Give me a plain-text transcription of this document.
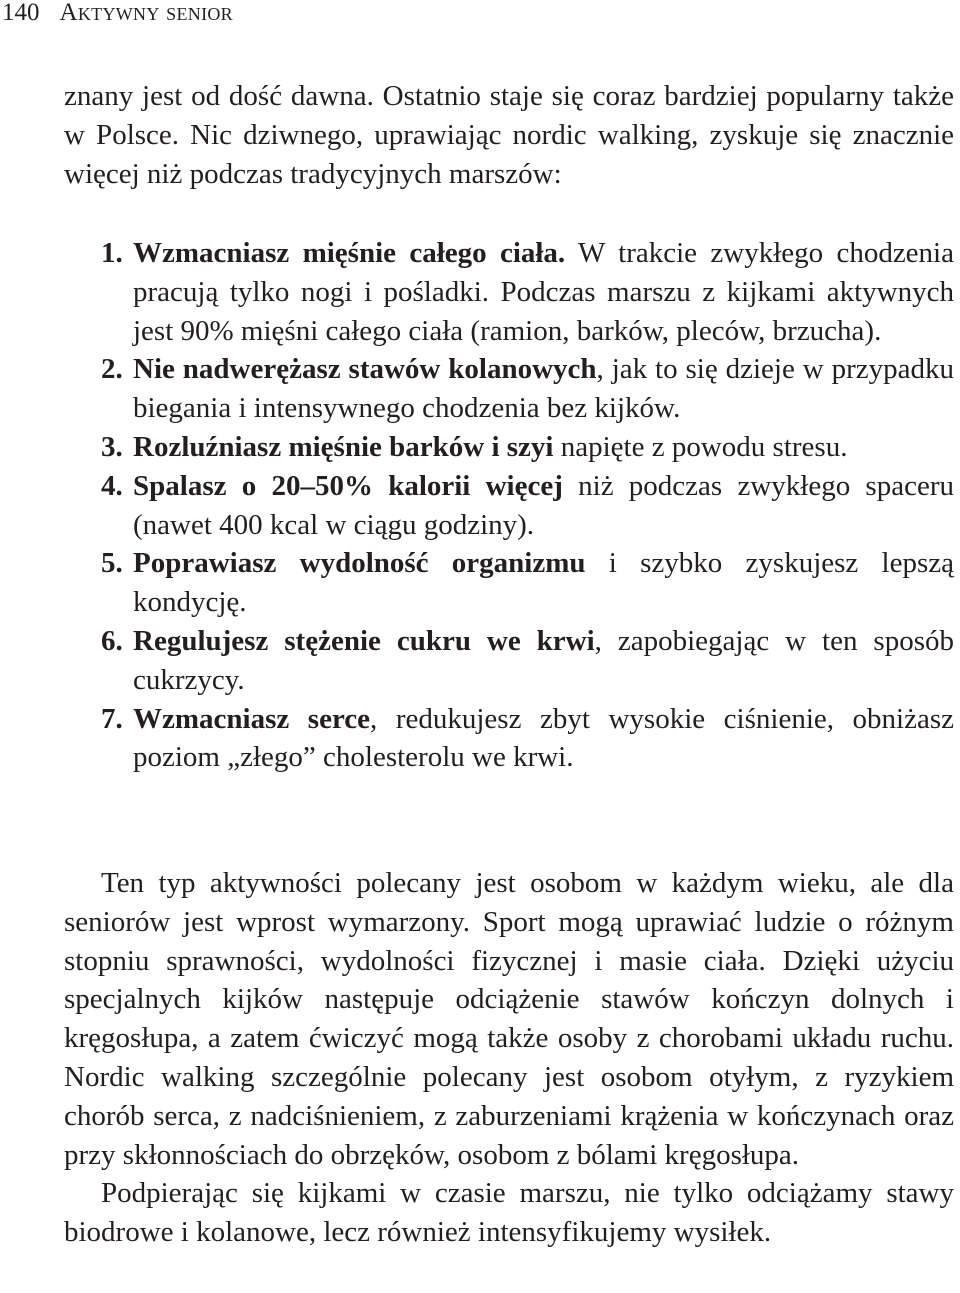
140 Aktywny senior

znany jest od dość dawna. Ostatnio staje się coraz bardziej popularny także w Polsce. Nic dziwnego, uprawiając nordic walking, zyskuje się znacznie więcej niż podczas tradycyjnych marszów:

1. Wzmacniasz mięśnie całego ciała. W trakcie zwykłego chodzenia pracują tylko nogi i pośladki. Podczas marszu z kijkami aktywnych jest 90% mięśni całego ciała (ramion, barków, pleców, brzucha).
2. Nie nadwerężasz stawów kolanowych, jak to się dzieje w przypadku biegania i intensywnego chodzenia bez kijków.
3. Rozluźniasz mięśnie barków i szyi napięte z powodu stresu.
4. Spalasz o 20–50% kalorii więcej niż podczas zwykłego spaceru (nawet 400 kcal w ciągu godziny).
5. Poprawiasz wydolność organizmu i szybko zyskujesz lepszą kondycję.
6. Regulujesz stężenie cukru we krwi, zapobiegając w ten sposób cukrzycy.
7. Wzmacniasz serce, redukujesz zbyt wysokie ciśnienie, obniżasz poziom „złego” cholesterolu we krwi.

Ten typ aktywności polecany jest osobom w każdym wieku, ale dla seniorów jest wprost wymarzony. Sport mogą uprawiać ludzie o różnym stopniu sprawności, wydolności fizycznej i masie ciała. Dzięki użyciu specjalnych kijków następuje odciążenie stawów kończyn dolnych i kręgosłupa, a zatem ćwiczyć mogą także osoby z chorobami układu ruchu. Nordic walking szczególnie polecany jest osobom otyłym, z ryzykiem chorób serca, z nadciśnieniem, z zaburzeniami krążenia w kończynach oraz przy skłonnościach do obrzęków, osobom z bólami kręgosłupa.

Podpierając się kijkami w czasie marszu, nie tylko odciążamy stawy biodrowe i kolanowe, lecz również intensyfikujemy wysiłek.
